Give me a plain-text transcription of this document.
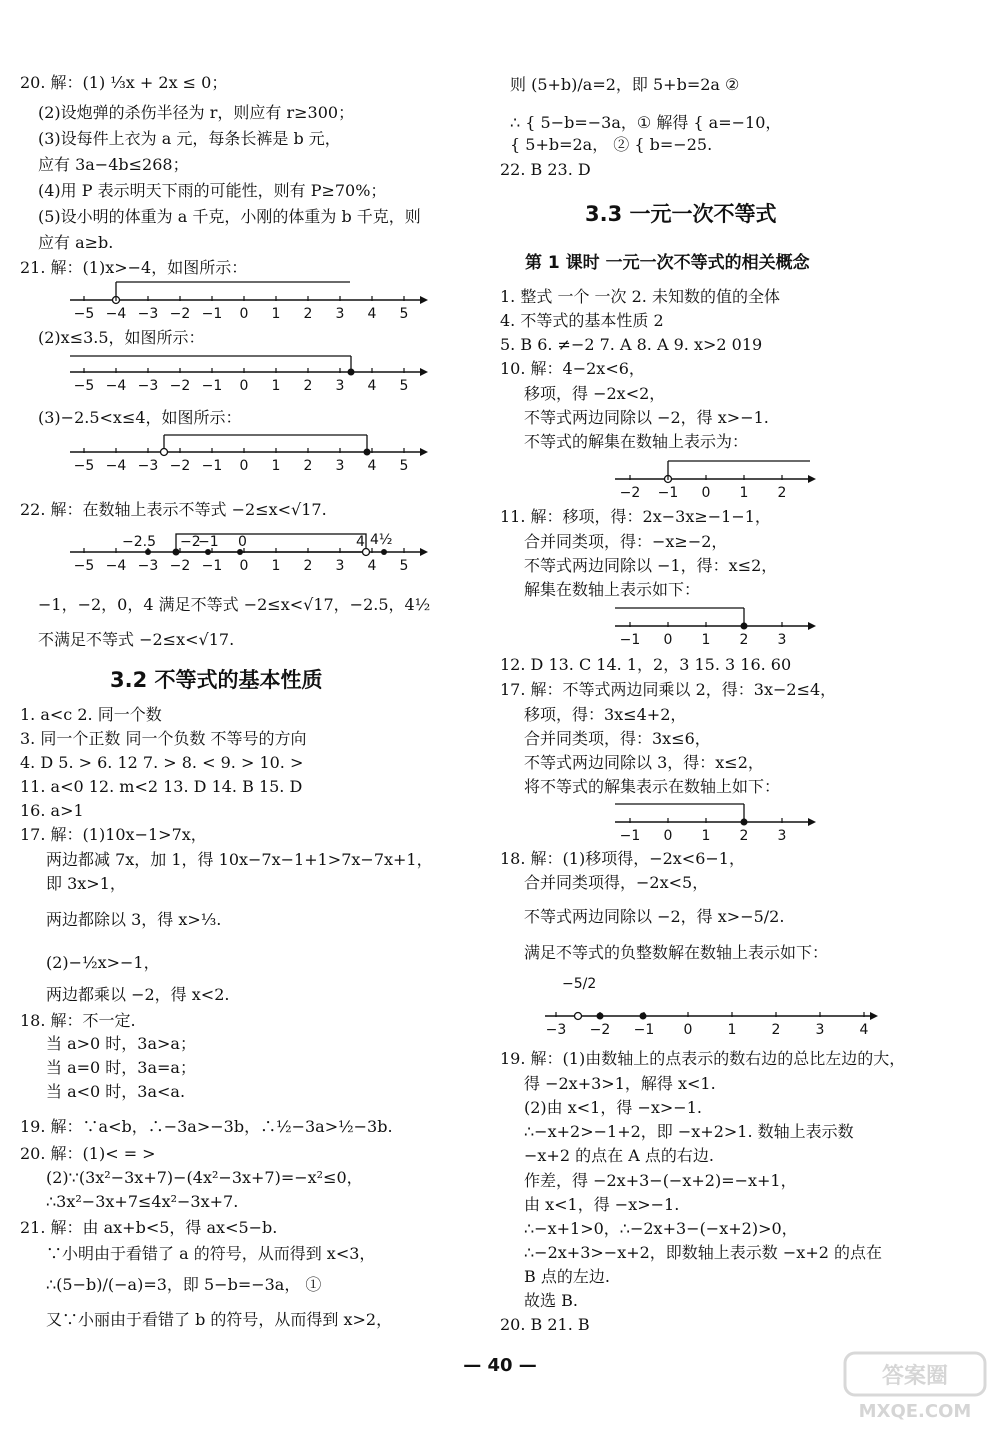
20. 解：(1) ⅓x + 2x ≤ 0；
(2)设炮弹的杀伤半径为 r，则应有 r≥300；
(3)设每件上衣为 a 元，每条长裤是 b 元，
应有 3a−4b≤268；
(4)用 P 表示明天下雨的可能性，则有 P≥70%；
(5)设小明的体重为 a 千克，小刚的体重为 b 千克，则
应有 a≥b.
21. 解：(1)x>−4，如图所示：
−5 −4 −3 −2 −1 0 1 2 3 4 5
(2)x≤3.5，如图所示：
−5 −4 −3 −2 −1 0 1 2 3 4 5
(3)−2.5<x≤4，如图所示：
−5 −4 −3 −2 −1 0 1 2 3 4 5
22. 解：在数轴上表示不等式 −2≤x<√17.
−2.5 −2
−1 0	4 4½
−5 −4 −3 −2 −1 0 1 2 3 4 5
−1，−2，0，4 满足不等式 −2≤x<√17，−2.5，4½
不满足不等式 −2≤x<√17.
3.2 不等式的基本性质
1. a<c 2. 同一个数
3. 同一个正数 同一个负数 不等号的方向
4. D 5. > 6. 12 7. > 8. < 9. > 10. >
11. a<0 12. m<2 13. D 14. B 15. D
16. a>1
17. 解：(1)10x−1>7x，
两边都减 7x，加 1，得 10x−7x−1+1>7x−7x+1，
即 3x>1，
两边都除以 3，得 x>⅓.
(2)−½x>−1，
两边都乘以 −2，得 x<2.
18. 解：不一定.
当 a>0 时，3a>a；
当 a=0 时，3a=a；
当 a<0 时，3a<a.
19. 解：∵a<b，∴−3a>−3b，∴½−3a>½−3b.
20. 解：(1)< = >
(2)∵(3x²−3x+7)−(4x²−3x+7)=−x²≤0，
∴3x²−3x+7≤4x²−3x+7.
21. 解：由 ax+b<5，得 ax<5−b.
∵小明由于看错了 a 的符号，从而得到 x<3，
∴(5−b)/(−a)=3，即 5−b=−3a， ①
又∵小丽由于看错了 b 的符号，从而得到 x>2，
则 (5+b)/a=2，即 5+b=2a ②
∴ { 5−b=−3a，① 解得 { a=−10，
{ 5+b=2a， ② { b=−25.
22. B 23. D
3.3 一元一次不等式
第 1 课时 一元一次不等式的相关概念
1. 整式 一个 一次 2. 未知数的值的全体
4. 不等式的基本性质 2
5. B 6. ≠−2 7. A 8. A 9. x>2 019
10. 解：4−2x<6，
移项，得 −2x<2，
不等式两边同除以 −2，得 x>−1.
不等式的解集在数轴上表示为：
−2 −1 0 1 2
11. 解：移项，得：2x−3x≥−1−1，
合并同类项，得：−x≥−2，
不等式两边同除以 −1，得：x≤2，
解集在数轴上表示如下：
−1 0 1 2 3
12. D 13. C 14. 1，2，3 15. 3 16. 60
17. 解：不等式两边同乘以 2，得：3x−2≤4，
移项，得：3x≤4+2，
合并同类项，得：3x≤6，
不等式两边同除以 3，得：x≤2，
将不等式的解集表示在数轴上如下：
−1 0 1 2 3
18. 解：(1)移项得，−2x<6−1，
合并同类项得，−2x<5，
不等式两边同除以 −2，得 x>−5/2.
满足不等式的负整数解在数轴上表示如下：
−5/2
−3 −2 −1 0	1	2	3	4
19. 解：(1)由数轴上的点表示的数右边的总比左边的大，
得 −2x+3>1，解得 x<1.
(2)由 x<1，得 −x>−1.
∴−x+2>−1+2，即 −x+2>1. 数轴上表示数
−x+2 的点在 A 点的右边.
作差，得 −2x+3−(−x+2)=−x+1，
由 x<1，得 −x>−1.
∴−x+1>0，∴−2x+3−(−x+2)>0，
∴−2x+3>−x+2，即数轴上表示数 −x+2 的点在
B 点的左边.
故选 B.
20. B 21. B
— 40 —	答案圈
MXQE.COM
